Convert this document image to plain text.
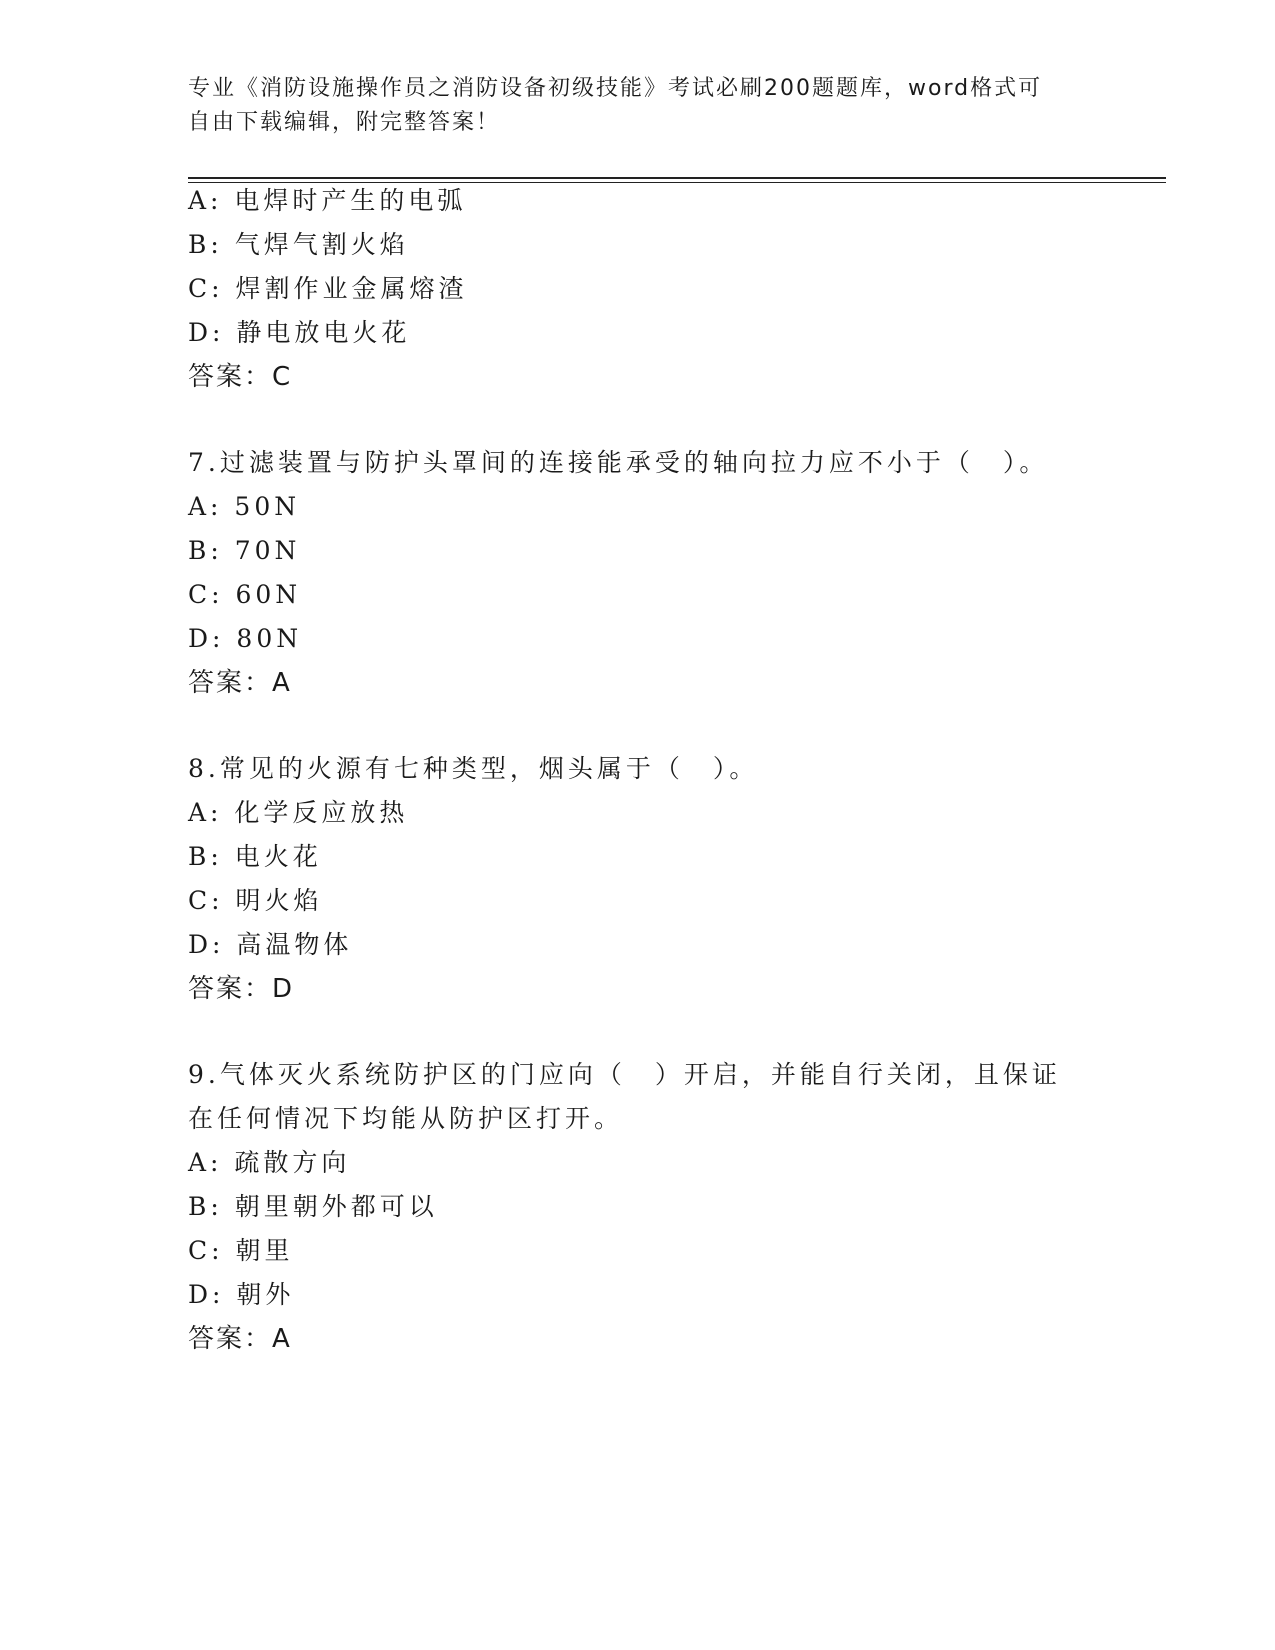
专业《消防设施操作员之消防设备初级技能》考试必刷200题题库，word格式可
自由下载编辑，附完整答案！
A: 电焊时产生的电弧
B: 气焊气割火焰
C: 焊割作业金属熔渣
D: 静电放电火花
答案：C
7.过滤装置与防护头罩间的连接能承受的轴向拉力应不小于（　）。
A: 50N
B: 70N
C: 60N
D: 80N
答案：A
8.常见的火源有七种类型，烟头属于（　）。
A: 化学反应放热
B: 电火花
C: 明火焰
D: 高温物体
答案：D
9.气体灭火系统防护区的门应向（　）开启，并能自行关闭，且保证
在任何情况下均能从防护区打开。
A: 疏散方向
B: 朝里朝外都可以
C: 朝里
D: 朝外
答案：A
